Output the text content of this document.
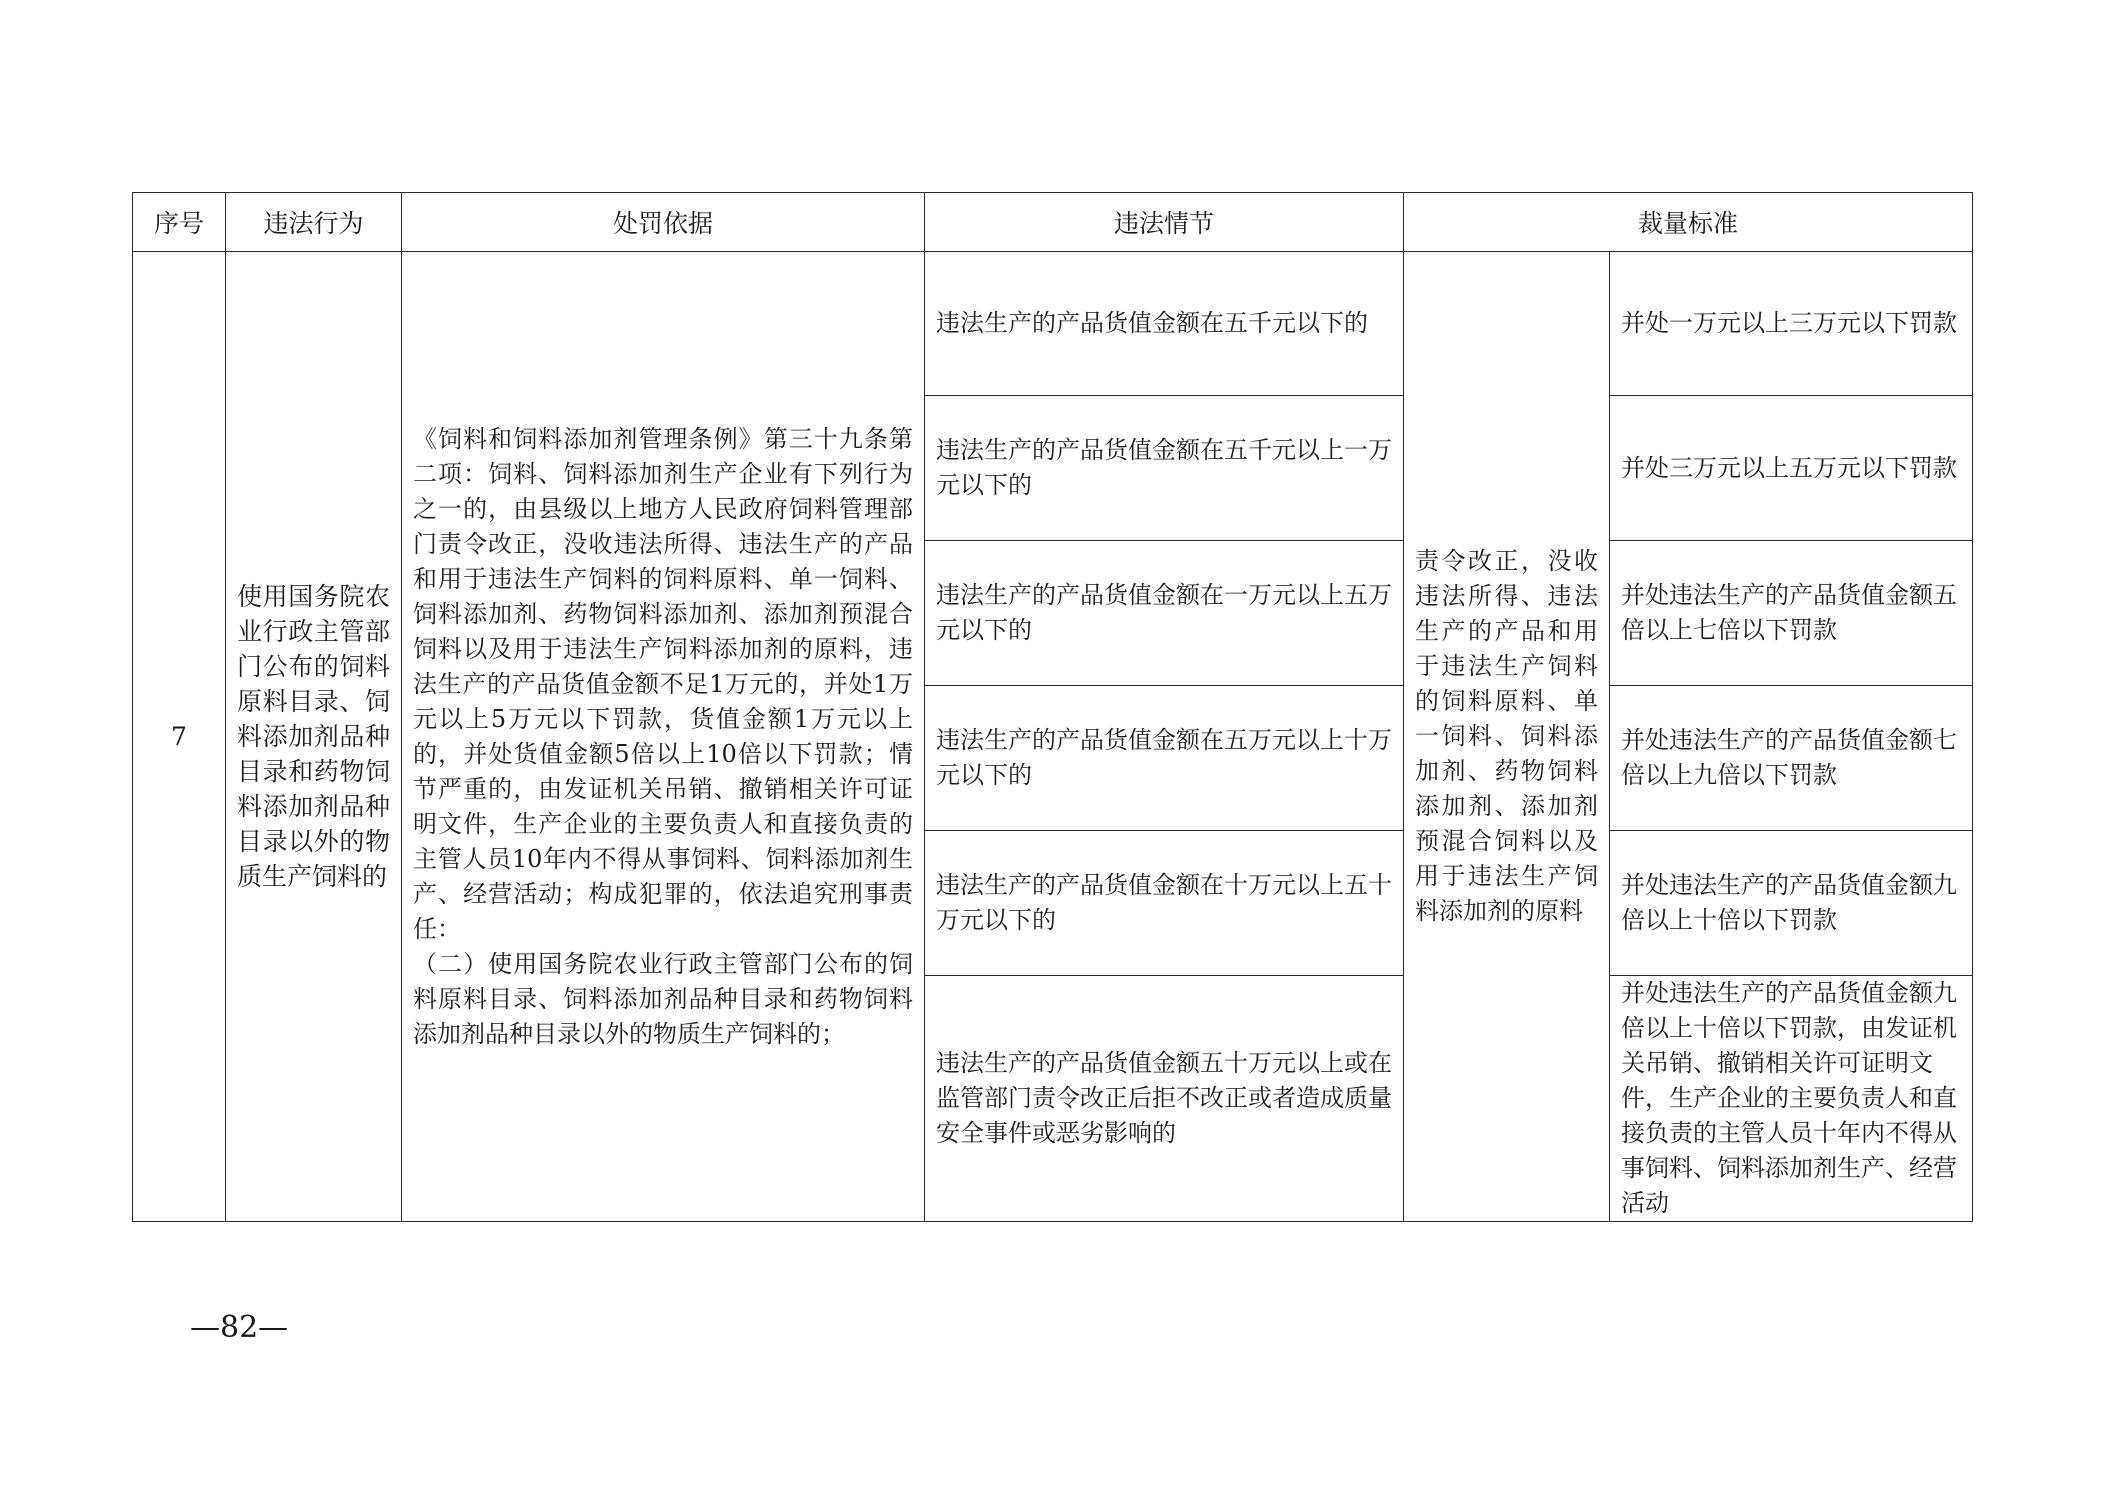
序号	违法行为	处罚依据	违法情节	裁量标准	
7	使用国务院农业行政主管部门公布的饲料原料目录、饲料添加剂品种目录和药物饲料添加剂品种目录以外的物质生产饲料的	《饲料和饲料添加剂管理条例》第三十九条第二项：饲料、饲料添加剂生产企业有下列行为之一的，由县级以上地方人民政府饲料管理部门责令改正，没收违法所得、违法生产的产品和用于违法生产饲料的饲料原料、单一饲料、饲料添加剂、药物饲料添加剂、添加剂预混合饲料以及用于违法生产饲料添加剂的原料，违法生产的产品货值金额不足1万元的，并处1万元以上5万元以下罚款，货值金额1万元以上的，并处货值金额5倍以上10倍以下罚款；情节严重的，由发证机关吊销、撤销相关许可证明文件，生产企业的主要负责人和直接负责的主管人员10年内不得从事饲料、饲料添加剂生产、经营活动；构成犯罪的，依法追究刑事责任：
（二）使用国务院农业行政主管部门公布的饲料原料目录、饲料添加剂品种目录和药物饲料添加剂品种目录以外的物质生产饲料的；	违法生产的产品货值金额在五千元以下的	责令改正，没收违法所得、违法生产的产品和用于违法生产饲料的饲料原料、单一饲料、饲料添加剂、药物饲料添加剂、添加剂预混合饲料以及用于违法生产饲料添加剂的原料	并处一万元以上三万元以下罚款
			违法生产的产品货值金额在五千元以上一万元以下的		并处三万元以上五万元以下罚款
			违法生产的产品货值金额在一万元以上五万元以下的		并处违法生产的产品货值金额五倍以上七倍以下罚款
			违法生产的产品货值金额在五万元以上十万元以下的		并处违法生产的产品货值金额七倍以上九倍以下罚款
			违法生产的产品货值金额在十万元以上五十万元以下的		并处违法生产的产品货值金额九倍以上十倍以下罚款
			违法生产的产品货值金额五十万元以上或在监管部门责令改正后拒不改正或者造成质量安全事件或恶劣影响的		并处违法生产的产品货值金额九倍以上十倍以下罚款，由发证机关吊销、撤销相关许可证明文件，生产企业的主要负责人和直接负责的主管人员十年内不得从事饲料、饲料添加剂生产、经营活动
—82—
